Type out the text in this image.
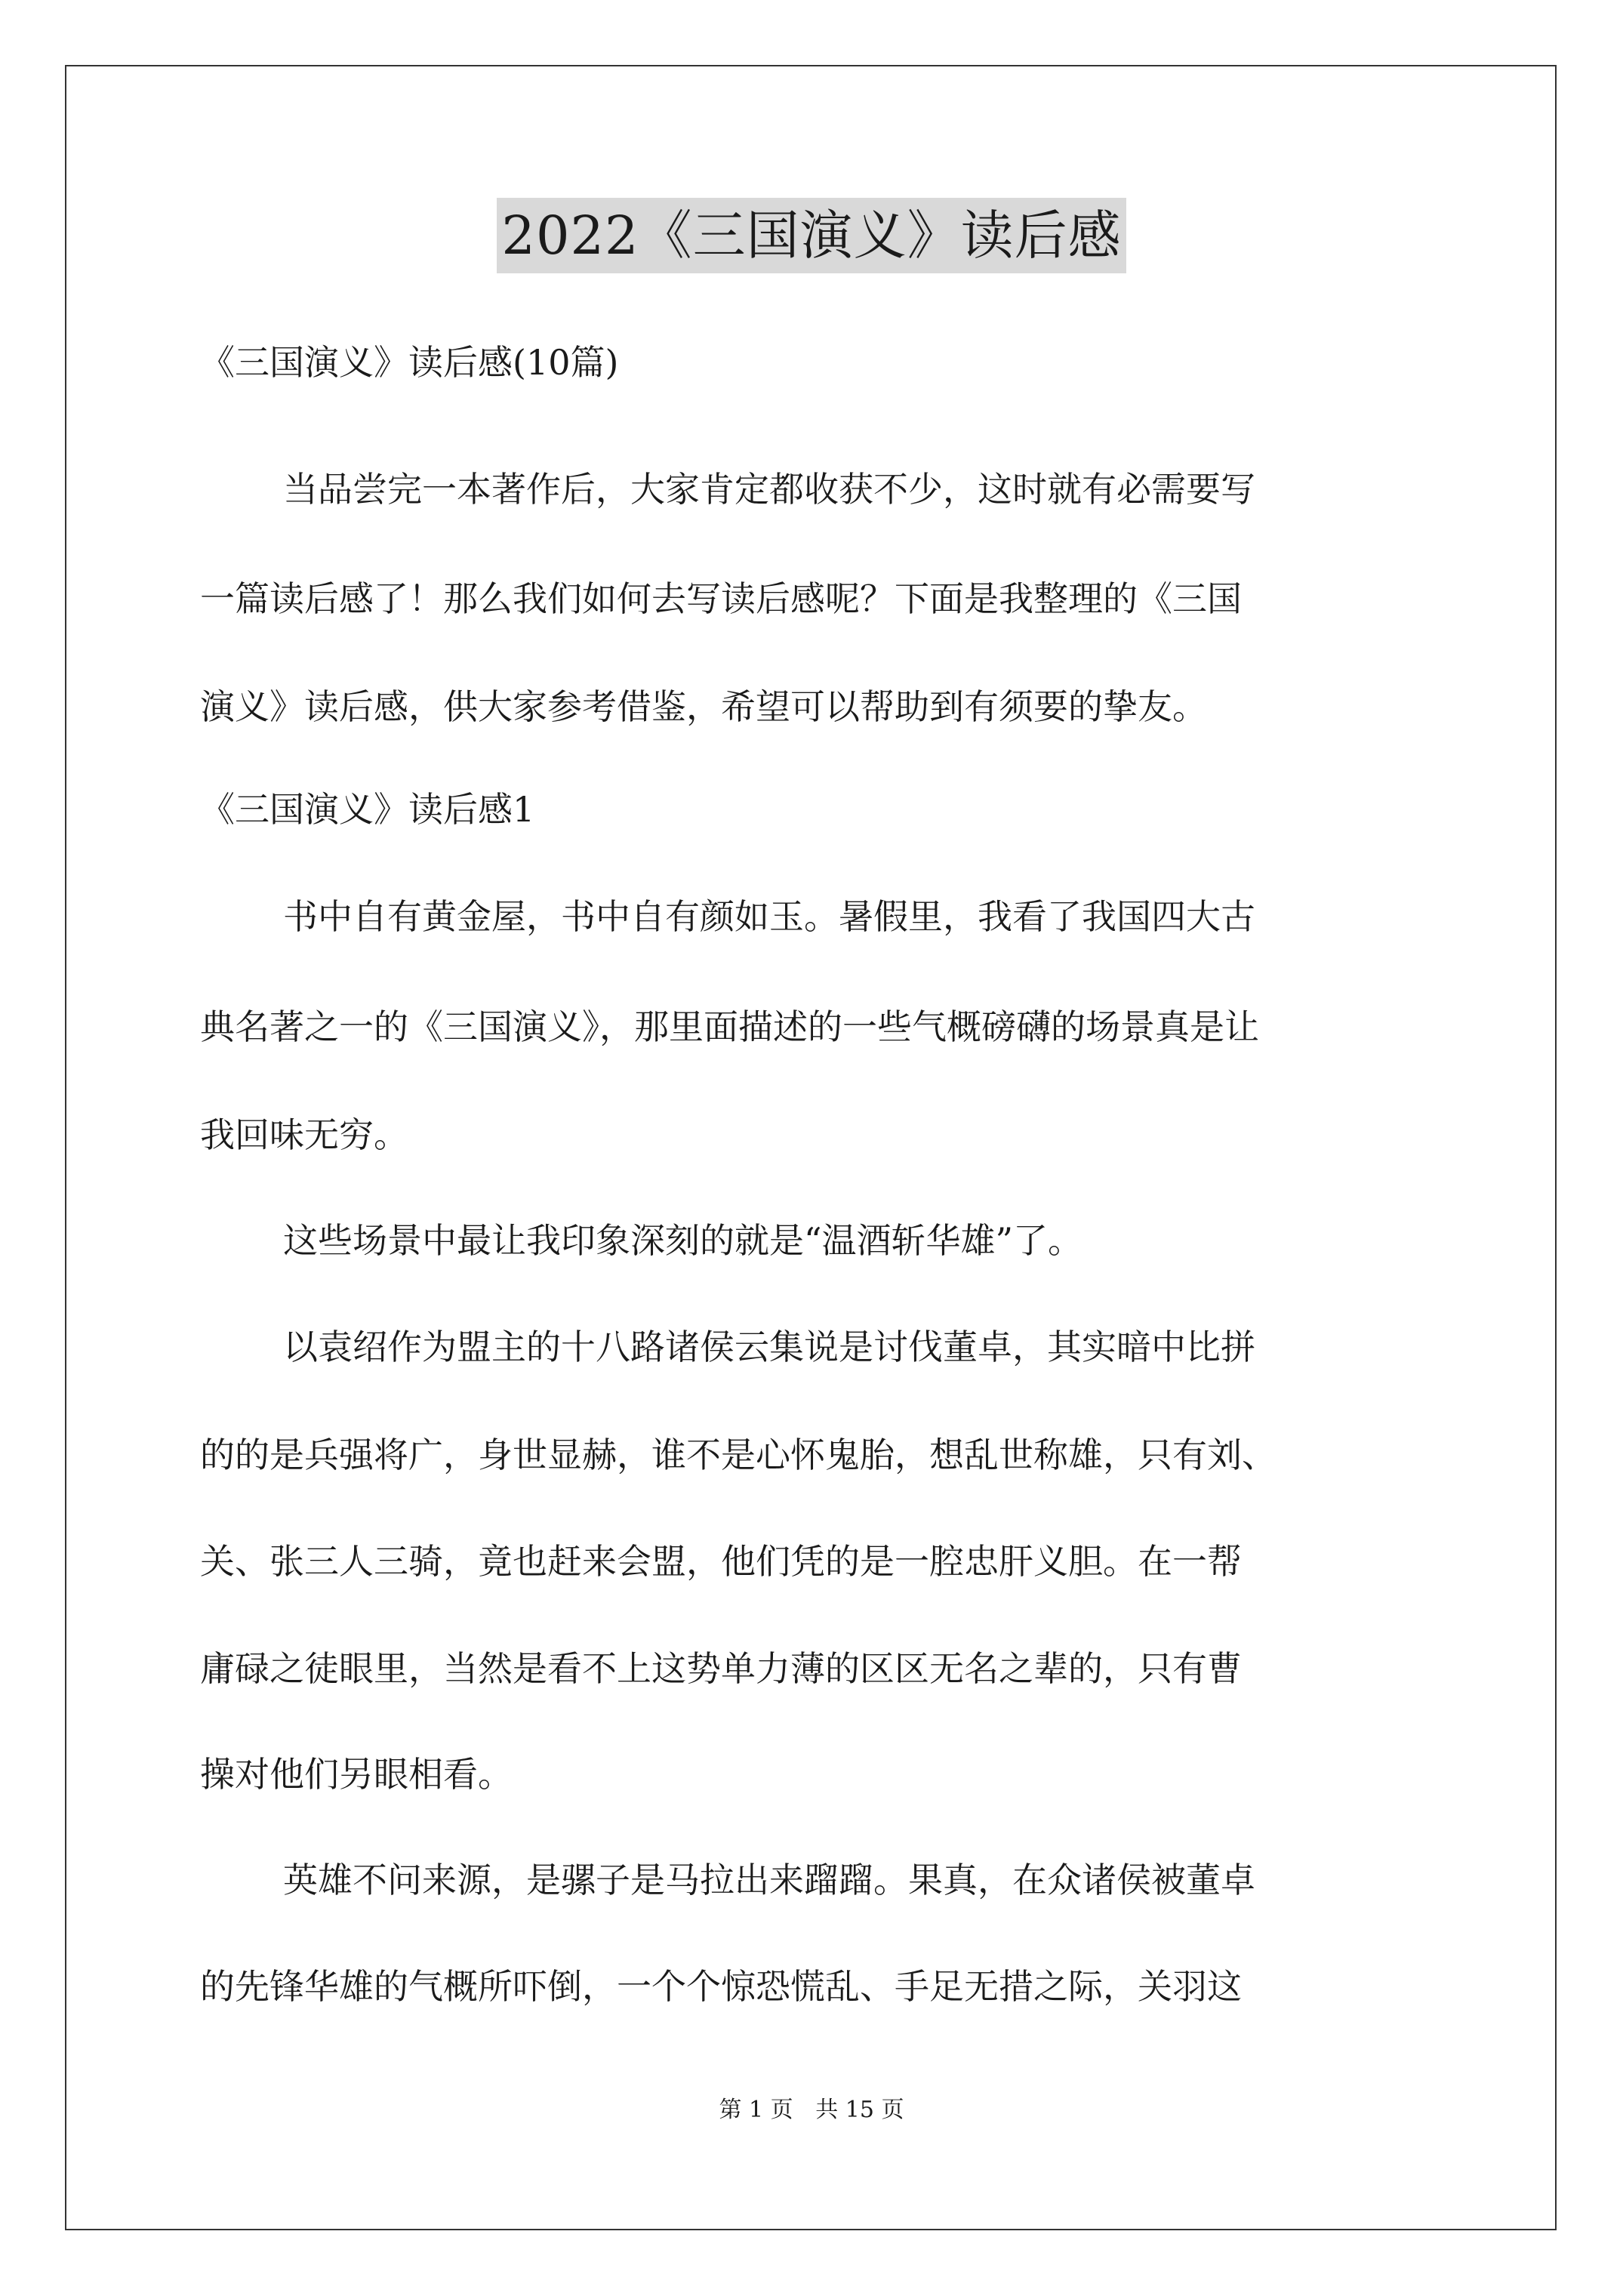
2022《三国演义》读后感
《三国演义》读后感(10篇)
当品尝完一本著作后，大家肯定都收获不少，这时就有必需要写
一篇读后感了！那么我们如何去写读后感呢？下面是我整理的《三国
演义》读后感，供大家参考借鉴，希望可以帮助到有须要的挚友。
《三国演义》读后感1
书中自有黄金屋，书中自有颜如玉。暑假里，我看了我国四大古
典名著之一的《三国演义》，那里面描述的一些气概磅礴的场景真是让
我回味无穷。
这些场景中最让我印象深刻的就是“温酒斩华雄”了。
以袁绍作为盟主的十八路诸侯云集说是讨伐董卓，其实暗中比拼
的的是兵强将广，身世显赫，谁不是心怀鬼胎，想乱世称雄，只有刘、
关、张三人三骑，竟也赶来会盟，他们凭的是一腔忠肝义胆。在一帮
庸碌之徒眼里，当然是看不上这势单力薄的区区无名之辈的，只有曹
操对他们另眼相看。
英雄不问来源，是骡子是马拉出来蹓蹓。果真，在众诸侯被董卓
的先锋华雄的气概所吓倒，一个个惊恐慌乱、手足无措之际，关羽这
第 1 页 共 15 页
